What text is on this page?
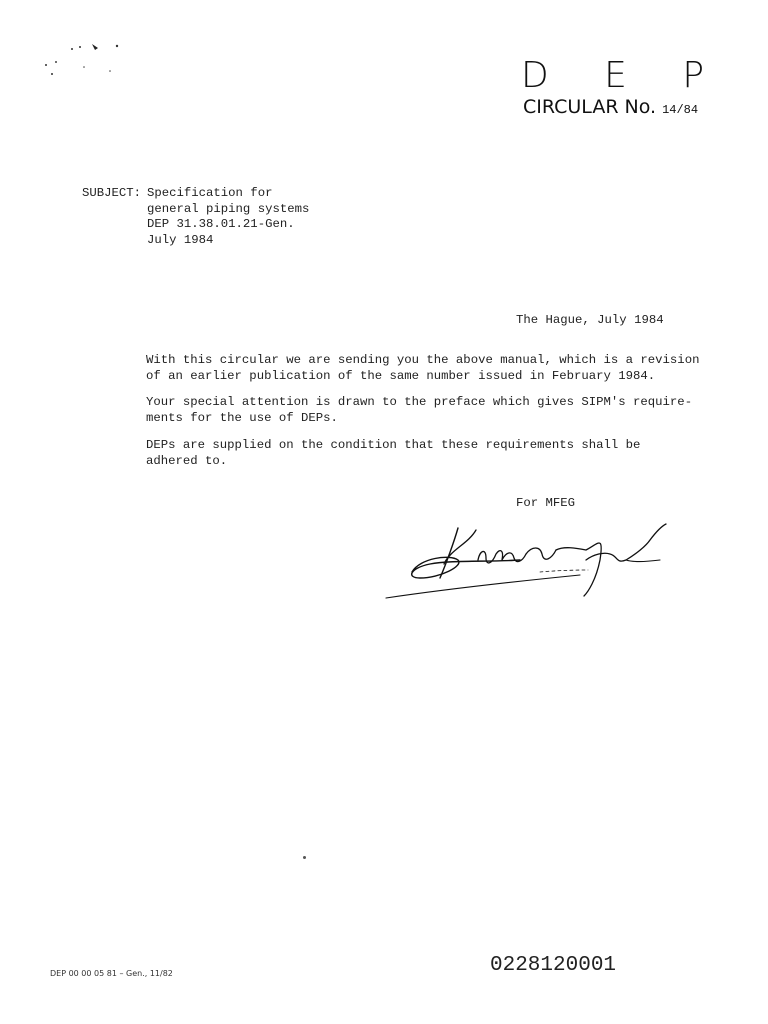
D E P
CIRCULAR No. 14/84
SUBJECT: Specification for
general piping systems
DEP 31.38.01.21-Gen.
July 1984
The Hague, July 1984
With this circular we are sending you the above manual, which is a revision
of an earlier publication of the same number issued in February 1984.
Your special attention is drawn to the preface which gives SIPM's require-
ments for the use of DEPs.
DEPs are supplied on the condition that these requirements shall be
adhered to.
For MFEG
DEP 00 00 05 81 – Gen., 11/82	0228120001
